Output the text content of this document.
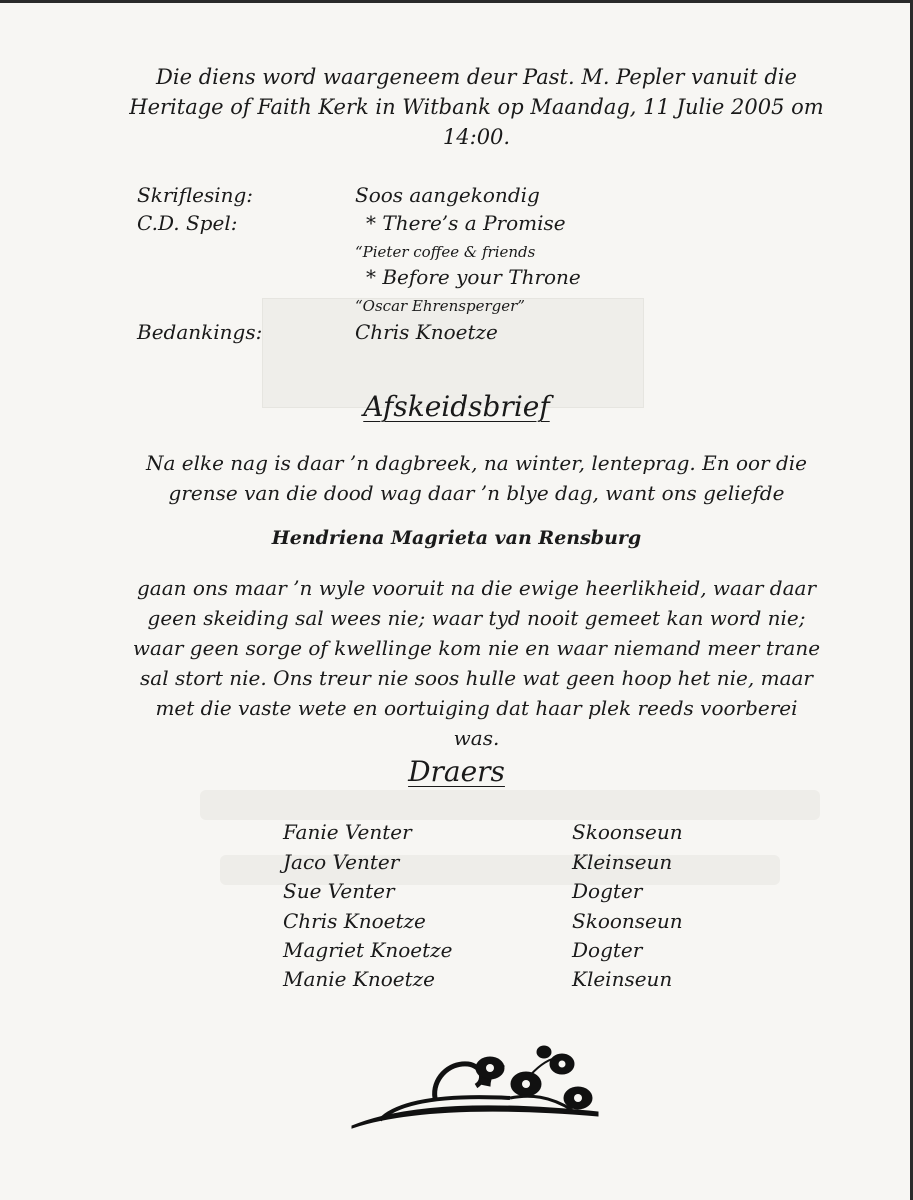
Die diens word waargeneem deur Past. M. Pepler vanuit die Heritage of Faith Kerk in Witbank op Maandag, 11 Julie 2005 om 14:00.
Skriflesing:	Soos aangekondig
C.D. Spel:	* There’s a Promise
“Pieter coffee & friends
* Before your Throne
“Oscar Ehrensperger”
Bedankings:	Chris Knoetze
Afskeidsbrief
Na elke nag is daar ’n dagbreek, na winter, lenteprag. En oor die grense van die dood wag daar ’n blye dag, want ons geliefde
Hendriena Magrieta van Rensburg
gaan ons maar ’n wyle vooruit na die ewige heerlikheid, waar daar geen skeiding sal wees nie; waar tyd nooit gemeet kan word nie; waar geen sorge of kwellinge kom nie en waar niemand meer trane sal stort nie. Ons treur nie soos hulle wat geen hoop het nie, maar met die vaste wete en oortuiging dat haar plek reeds voorberei was.
Draers
Fanie Venter	Skoonseun
Jaco Venter	Kleinseun
Sue Venter	Dogter
Chris Knoetze	Skoonseun
Magriet Knoetze	Dogter
Manie Knoetze	Kleinseun
